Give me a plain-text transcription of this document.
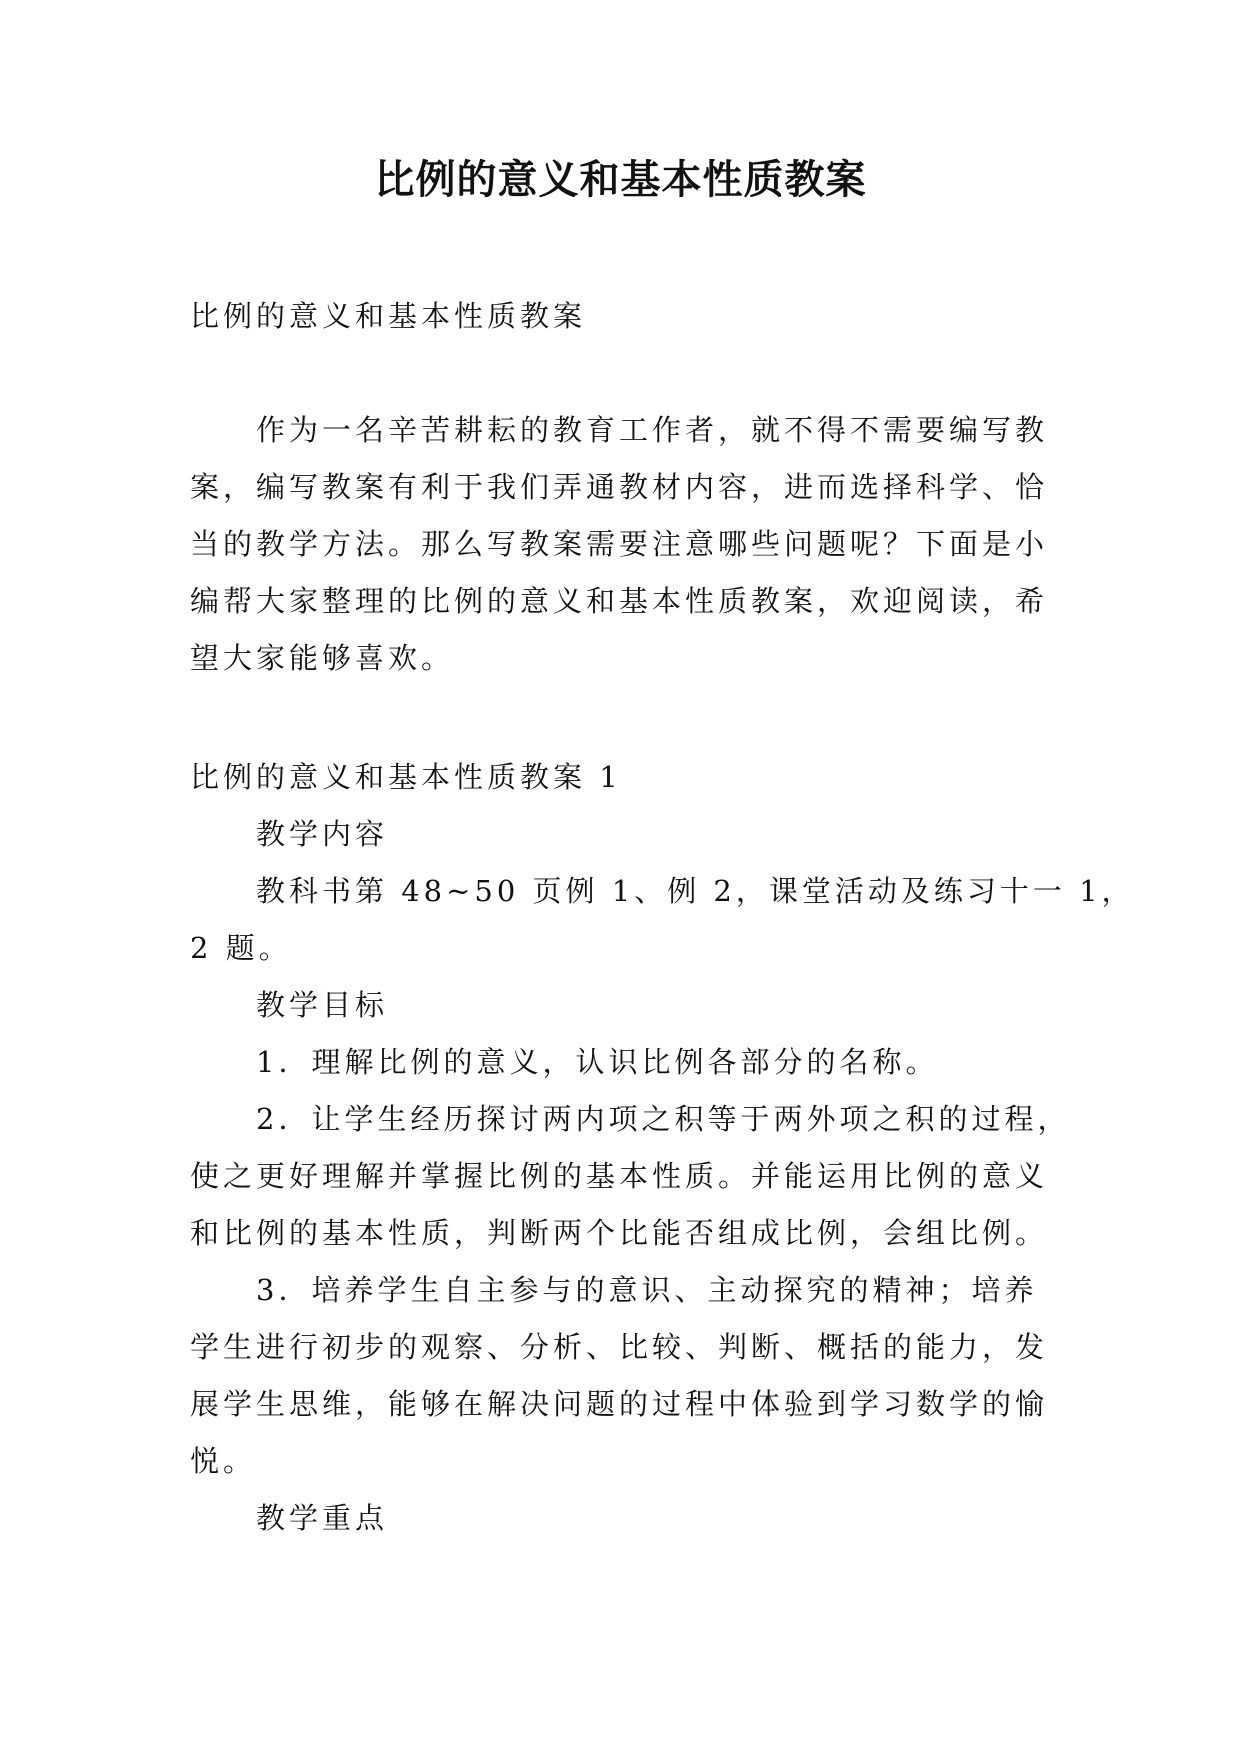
比例的意义和基本性质教案
比例的意义和基本性质教案
作为一名辛苦耕耘的教育工作者，就不得不需要编写教
案，编写教案有利于我们弄通教材内容，进而选择科学、恰
当的教学方法。那么写教案需要注意哪些问题呢？下面是小
编帮大家整理的比例的意义和基本性质教案，欢迎阅读，希
望大家能够喜欢。
比例的意义和基本性质教案 1
教学内容
教科书第 48~50 页例 1、例 2，课堂活动及练习十一 1，
2 题。
教学目标
1．理解比例的意义，认识比例各部分的名称。
2．让学生经历探讨两内项之积等于两外项之积的过程，
使之更好理解并掌握比例的基本性质。并能运用比例的意义
和比例的基本性质，判断两个比能否组成比例，会组比例。
3．培养学生自主参与的意识、主动探究的精神；培养
学生进行初步的观察、分析、比较、判断、概括的能力，发
展学生思维，能够在解决问题的过程中体验到学习数学的愉
悦。
教学重点
